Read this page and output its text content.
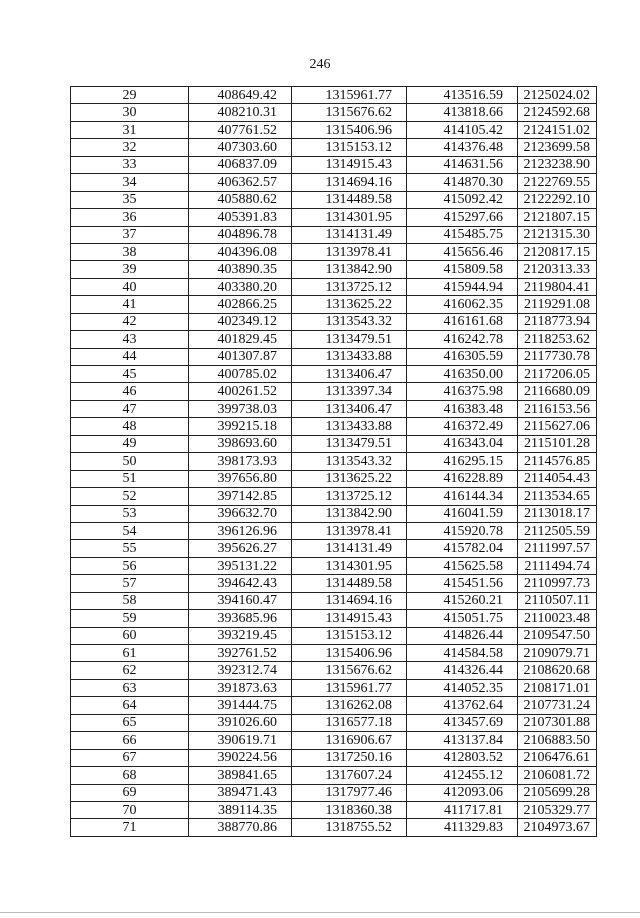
246
29	408649.42	1315961.77	413516.59	2125024.02
30	408210.31	1315676.62	413818.66	2124592.68
31	407761.52	1315406.96	414105.42	2124151.02
32	407303.60	1315153.12	414376.48	2123699.58
33	406837.09	1314915.43	414631.56	2123238.90
34	406362.57	1314694.16	414870.30	2122769.55
35	405880.62	1314489.58	415092.42	2122292.10
36	405391.83	1314301.95	415297.66	2121807.15
37	404896.78	1314131.49	415485.75	2121315.30
38	404396.08	1313978.41	415656.46	2120817.15
39	403890.35	1313842.90	415809.58	2120313.33
40	403380.20	1313725.12	415944.94	2119804.41
41	402866.25	1313625.22	416062.35	2119291.08
42	402349.12	1313543.32	416161.68	2118773.94
43	401829.45	1313479.51	416242.78	2118253.62
44	401307.87	1313433.88	416305.59	2117730.78
45	400785.02	1313406.47	416350.00	2117206.05
46	400261.52	1313397.34	416375.98	2116680.09
47	399738.03	1313406.47	416383.48	2116153.56
48	399215.18	1313433.88	416372.49	2115627.06
49	398693.60	1313479.51	416343.04	2115101.28
50	398173.93	1313543.32	416295.15	2114576.85
51	397656.80	1313625.22	416228.89	2114054.43
52	397142.85	1313725.12	416144.34	2113534.65
53	396632.70	1313842.90	416041.59	2113018.17
54	396126.96	1313978.41	415920.78	2112505.59
55	395626.27	1314131.49	415782.04	2111997.57
56	395131.22	1314301.95	415625.58	2111494.74
57	394642.43	1314489.58	415451.56	2110997.73
58	394160.47	1314694.16	415260.21	2110507.11
59	393685.96	1314915.43	415051.75	2110023.48
60	393219.45	1315153.12	414826.44	2109547.50
61	392761.52	1315406.96	414584.58	2109079.71
62	392312.74	1315676.62	414326.44	2108620.68
63	391873.63	1315961.77	414052.35	2108171.01
64	391444.75	1316262.08	413762.64	2107731.24
65	391026.60	1316577.18	413457.69	2107301.88
66	390619.71	1316906.67	413137.84	2106883.50
67	390224.56	1317250.16	412803.52	2106476.61
68	389841.65	1317607.24	412455.12	2106081.72
69	389471.43	1317977.46	412093.06	2105699.28
70	389114.35	1318360.38	411717.81	2105329.77
71	388770.86	1318755.52	411329.83	2104973.67
